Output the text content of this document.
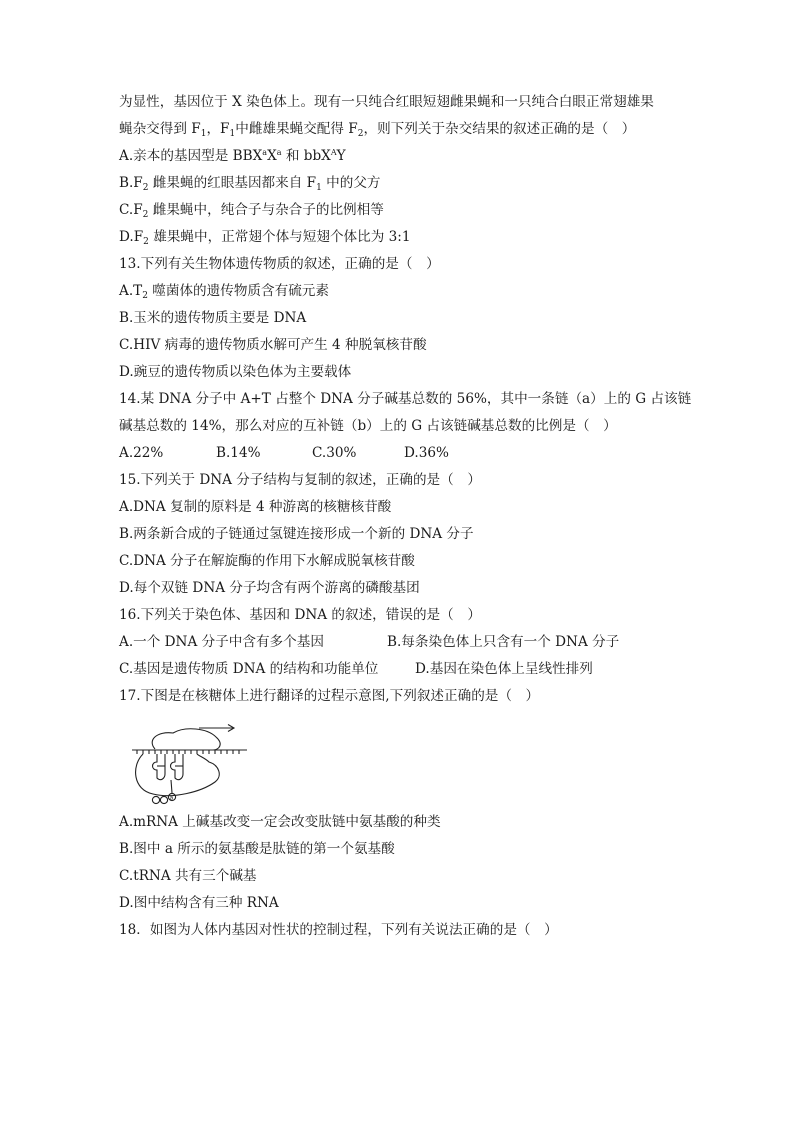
为显性，基因位于 X 染色体上。现有一只纯合红眼短翅雌果蝇和一只纯合白眼正常翅雄果
蝇杂交得到 $F_1$，$F_1$中雌雄果蝇交配得 $F_2$，则下列关于杂交结果的叙述正确的是（　）
A.亲本的基因型是 $BBX^aX^a$ 和 bbX$^A$Y
$B.F_2$ 雌果蝇的红眼基因都来自 $F_1$ 中的父方
$C.F_2$ 雌果蝇中，纯合子与杂合子的比例相等
$D.F_2$ 雄果蝇中，正常翅个体与短翅个体比为 3:1
13.下列有关生物体遗传物质的叙述，正确的是（　）
$A.T_2$ 噬菌体的遗传物质含有硫元素
B.玉米的遗传物质主要是 DNA
C.HIV 病毒的遗传物质水解可产生 4 种脱氧核苷酸
D.豌豆的遗传物质以染色体为主要载体
14.某 DNA 分子中 A+T 占整个 DNA 分子碱基总数的 56%，其中一条链（a）上的 G 占该链
碱基总数的 14%，那么对应的互补链（b）上的 G 占该链碱基总数的比例是（　）
A.22%	B.14%	C.30%	D.36%
15.下列关于 DNA 分子结构与复制的叙述，正确的是（　）
A.DNA 复制的原料是 4 种游离的核糖核苷酸
B.两条新合成的子链通过氢键连接形成一个新的 DNA 分子
C.DNA 分子在解旋酶的作用下水解成脱氧核苷酸
D.每个双链 DNA 分子均含有两个游离的磷酸基团
16.下列关于染色体、基因和 DNA 的叙述，错误的是（　）
A.一个 DNA 分子中含有多个基因	B.每条染色体上只含有一个 DNA 分子
C.基因是遗传物质 DNA 的结构和功能单位	D.基因在染色体上呈线性排列
17.下图是在核糖体上进行翻译的过程示意图,下列叙述正确的是（　）
a
A.mRNA 上碱基改变一定会改变肽链中氨基酸的种类
B.图中 a 所示的氨基酸是肽链的第一个氨基酸
C.tRNA 共有三个碱基
D.图中结构含有三种 RNA
18．如图为人体内基因对性状的控制过程，下列有关说法正确的是（　）
